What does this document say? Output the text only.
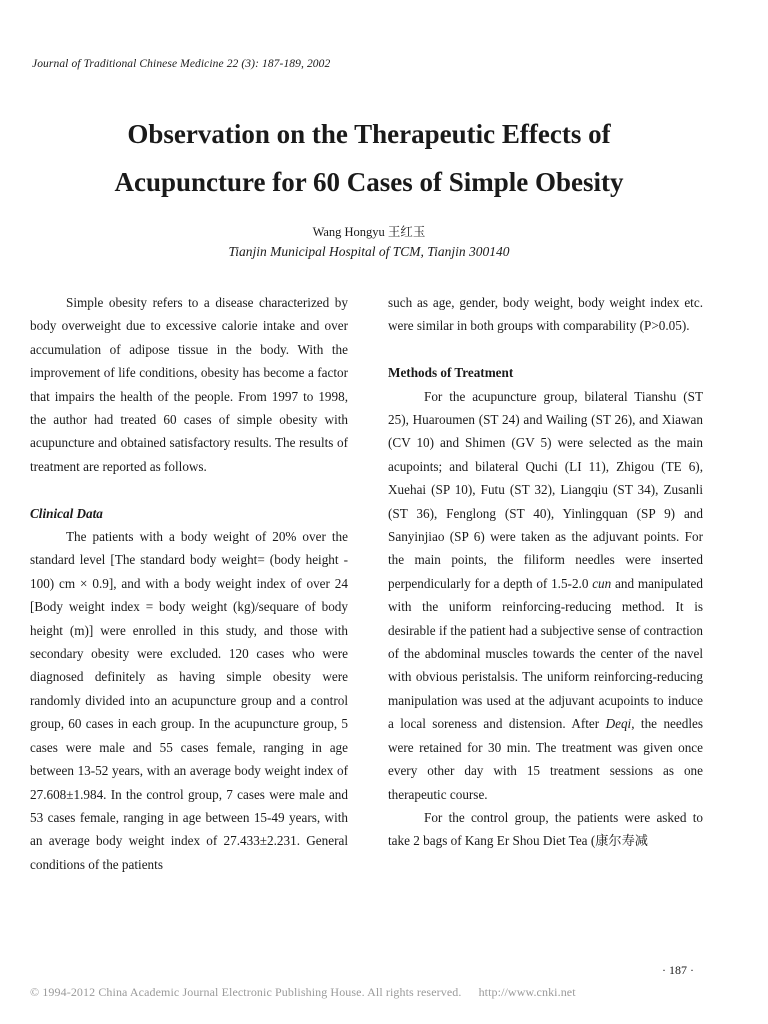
Journal of Traditional Chinese Medicine 22 (3): 187-189, 2002
Observation on the Therapeutic Effects of
Acupuncture for 60 Cases of Simple Obesity
Wang Hongyu 王红玉
Tianjin Municipal Hospital of TCM, Tianjin 300140

Simple obesity refers to a disease characterized by body overweight due to excessive calorie intake and over accumulation of adipose tissue in the body. With the improvement of life conditions, obesity has become a factor that impairs the health of the people. From 1997 to 1998, the author had treated 60 cases of simple obesity with acupuncture and obtained satisfactory results. The results of treatment are reported as follows.

Clinical Data

The patients with a body weight of 20% over the standard level [The standard body weight= (body height - 100) cm × 0.9], and with a body weight index of over 24 [Body weight index = body weight (kg)/sequare of body height (m)] were enrolled in this study, and those with secondary obesity were excluded. 120 cases who were diagnosed definitely as having simple obesity were randomly divided into an acupuncture group and a control group, 60 cases in each group. In the acupuncture group, 5 cases were male and 55 cases female, ranging in age between 13-52 years, with an average body weight index of 27.608±1.984. In the control group, 7 cases were male and 53 cases female, ranging in age between 15-49 years, with an average body weight index of 27.433±2.231. General conditions of the patients

such as age, gender, body weight, body weight index etc. were similar in both groups with comparability (P>0.05).

Methods of Treatment

For the acupuncture group, bilateral Tianshu (ST 25), Huaroumen (ST 24) and Wailing (ST 26), and Xiawan (CV 10) and Shimen (GV 5) were selected as the main acupoints; and bilateral Quchi (LI 11), Zhigou (TE 6), Xuehai (SP 10), Futu (ST 32), Liangqiu (ST 34), Zusanli (ST 36), Fenglong (ST 40), Yinlingquan (SP 9) and Sanyinjiao (SP 6) were taken as the adjuvant points. For the main points, the filiform needles were inserted perpendicularly for a depth of 1.5-2.0 cun and manipulated with the uniform reinforcing-reducing method. It is desirable if the patient had a subjective sense of contraction of the abdominal muscles towards the center of the navel with obvious peristalsis. The uniform reinforcing-reducing manipulation was used at the adjuvant acupoints to induce a local soreness and distension. After Deqi, the needles were retained for 30 min. The treatment was given once every other day with 15 treatment sessions as one therapeutic course.

For the control group, the patients were asked to take 2 bags of Kang Er Shou Diet Tea (康尔寿减

· 187 ·
© 1994-2012 China Academic Journal Electronic Publishing House. All rights reserved. http://www.cnki.net
